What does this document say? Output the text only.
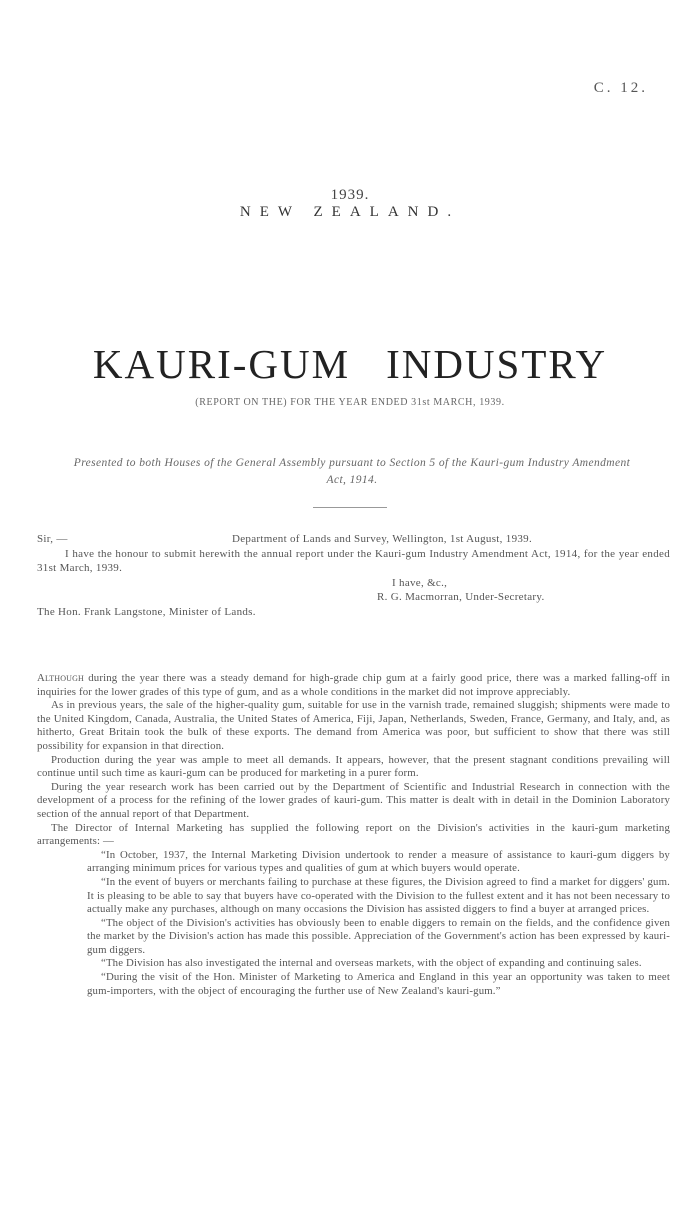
C. 12.
1939.
NEW ZEALAND.
KAURI-GUM INDUSTRY
(REPORT ON THE) FOR THE YEAR ENDED 31st MARCH, 1939.
Presented to both Houses of the General Assembly pursuant to Section 5 of the Kauri-gum Industry Amendment Act, 1914.
Sir, —	Department of Lands and Survey, Wellington, 1st August, 1939.
I have the honour to submit herewith the annual report under the Kauri-gum Industry Amendment Act, 1914, for the year ended 31st March, 1939.
I have, &c.,
R. G. Macmorran, Under-Secretary.
The Hon. Frank Langstone, Minister of Lands.

Although during the year there was a steady demand for high-grade chip gum at a fairly good price, there was a marked falling-off in inquiries for the lower grades of this type of gum, and as a whole conditions in the market did not improve appreciably.

As in previous years, the sale of the higher-quality gum, suitable for use in the varnish trade, remained sluggish; shipments were made to the United Kingdom, Canada, Australia, the United States of America, Fiji, Japan, Netherlands, Sweden, France, Germany, and Italy, and, as hitherto, Great Britain took the bulk of these exports. The demand from America was poor, but sufficient to show that there was still possibility for expansion in that direction.

Production during the year was ample to meet all demands. It appears, however, that the present stagnant conditions prevailing will continue until such time as kauri-gum can be produced for marketing in a purer form.

During the year research work has been carried out by the Department of Scientific and Industrial Research in connection with the development of a process for the refining of the lower grades of kauri-gum. This matter is dealt with in detail in the Dominion Laboratory section of the annual report of that Department.

The Director of Internal Marketing has supplied the following report on the Division's activities in the kauri-gum marketing arrangements: —

“In October, 1937, the Internal Marketing Division undertook to render a measure of assistance to kauri-gum diggers by arranging minimum prices for various types and qualities of gum at which buyers would operate.

“In the event of buyers or merchants failing to purchase at these figures, the Division agreed to find a market for diggers' gum. It is pleasing to be able to say that buyers have co-operated with the Division to the fullest extent and it has not been necessary to actually make any purchases, although on many occasions the Division has assisted diggers to find a buyer at arranged prices.

“The object of the Division's activities has obviously been to enable diggers to remain on the fields, and the confidence given the market by the Division's action has made this possible. Appreciation of the Government's action has been expressed by kauri-gum diggers.

“The Division has also investigated the internal and overseas markets, with the object of expanding and continuing sales.

“During the visit of the Hon. Minister of Marketing to America and England in this year an opportunity was taken to meet gum-importers, with the object of encouraging the further use of New Zealand's kauri-gum.”
